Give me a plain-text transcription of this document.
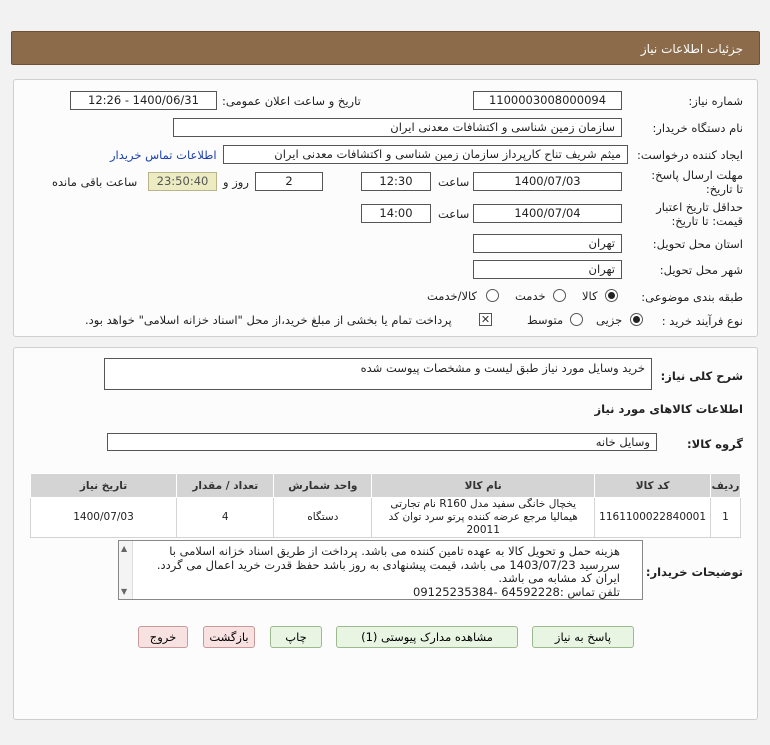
جزئیات اطلاعات نیاز
شماره نیاز:
1100003008000094
تاریخ و ساعت اعلان عمومی:
1400/06/31 - 12:26
نام دستگاه خریدار:
سازمان زمین شناسی و اکتشافات معدنی ایران
ایجاد کننده درخواست:
میثم شریف تناح کارپرداز سازمان زمین شناسی و اکتشافات معدنی ایران
اطلاعات تماس خریدار
مهلت ارسال پاسخ: تا تاریخ:
1400/07/03
ساعت
12:30
2
روز و
23:50:40
ساعت باقی مانده
حداقل تاریخ اعتبار قیمت: تا تاریخ:
1400/07/04
ساعت
14:00
استان محل تحویل:
تهران
شهر محل تحویل:
تهران
طبقه بندی موضوعی:
کالا
خدمت
کالا/خدمت
نوع فرآیند خرید :
جزیی
متوسط
✕
پرداخت تمام یا بخشی از مبلغ خرید،از محل "اسناد خزانه اسلامی" خواهد بود.
شرح کلی نیاز:
خرید وسایل مورد نیاز طبق لیست و مشخصات پیوست شده
اطلاعات کالاهای مورد نیاز
گروه کالا:
وسایل خانه
ردیف	کد کالا	نام کالا	واحد شمارش	تعداد / مقدار	تاریخ نیاز
1	1161100022840001	یخچال خانگی سفید مدل R160 نام تجارتی هیمالیا مرجع عرضه کننده پرتو سرد توان کد 20011	دستگاه	4	1400/07/03
توضیحات خریدار:
▲
▼
هزینه حمل و تحویل کالا به عهده تامین کننده می باشد. پرداخت از طریق اسناد خزانه اسلامی با
سررسید 1403/07/23 می باشد، قیمت پیشنهادی به روز باشد حفظ قدرت خرید اعمال می گردد.
ایران کد مشابه می باشد.
تلفن تماس :64592228 -09125235384
پاسخ به نیاز
مشاهده مدارک پیوستی (1)
چاپ
بازگشت
خروج
